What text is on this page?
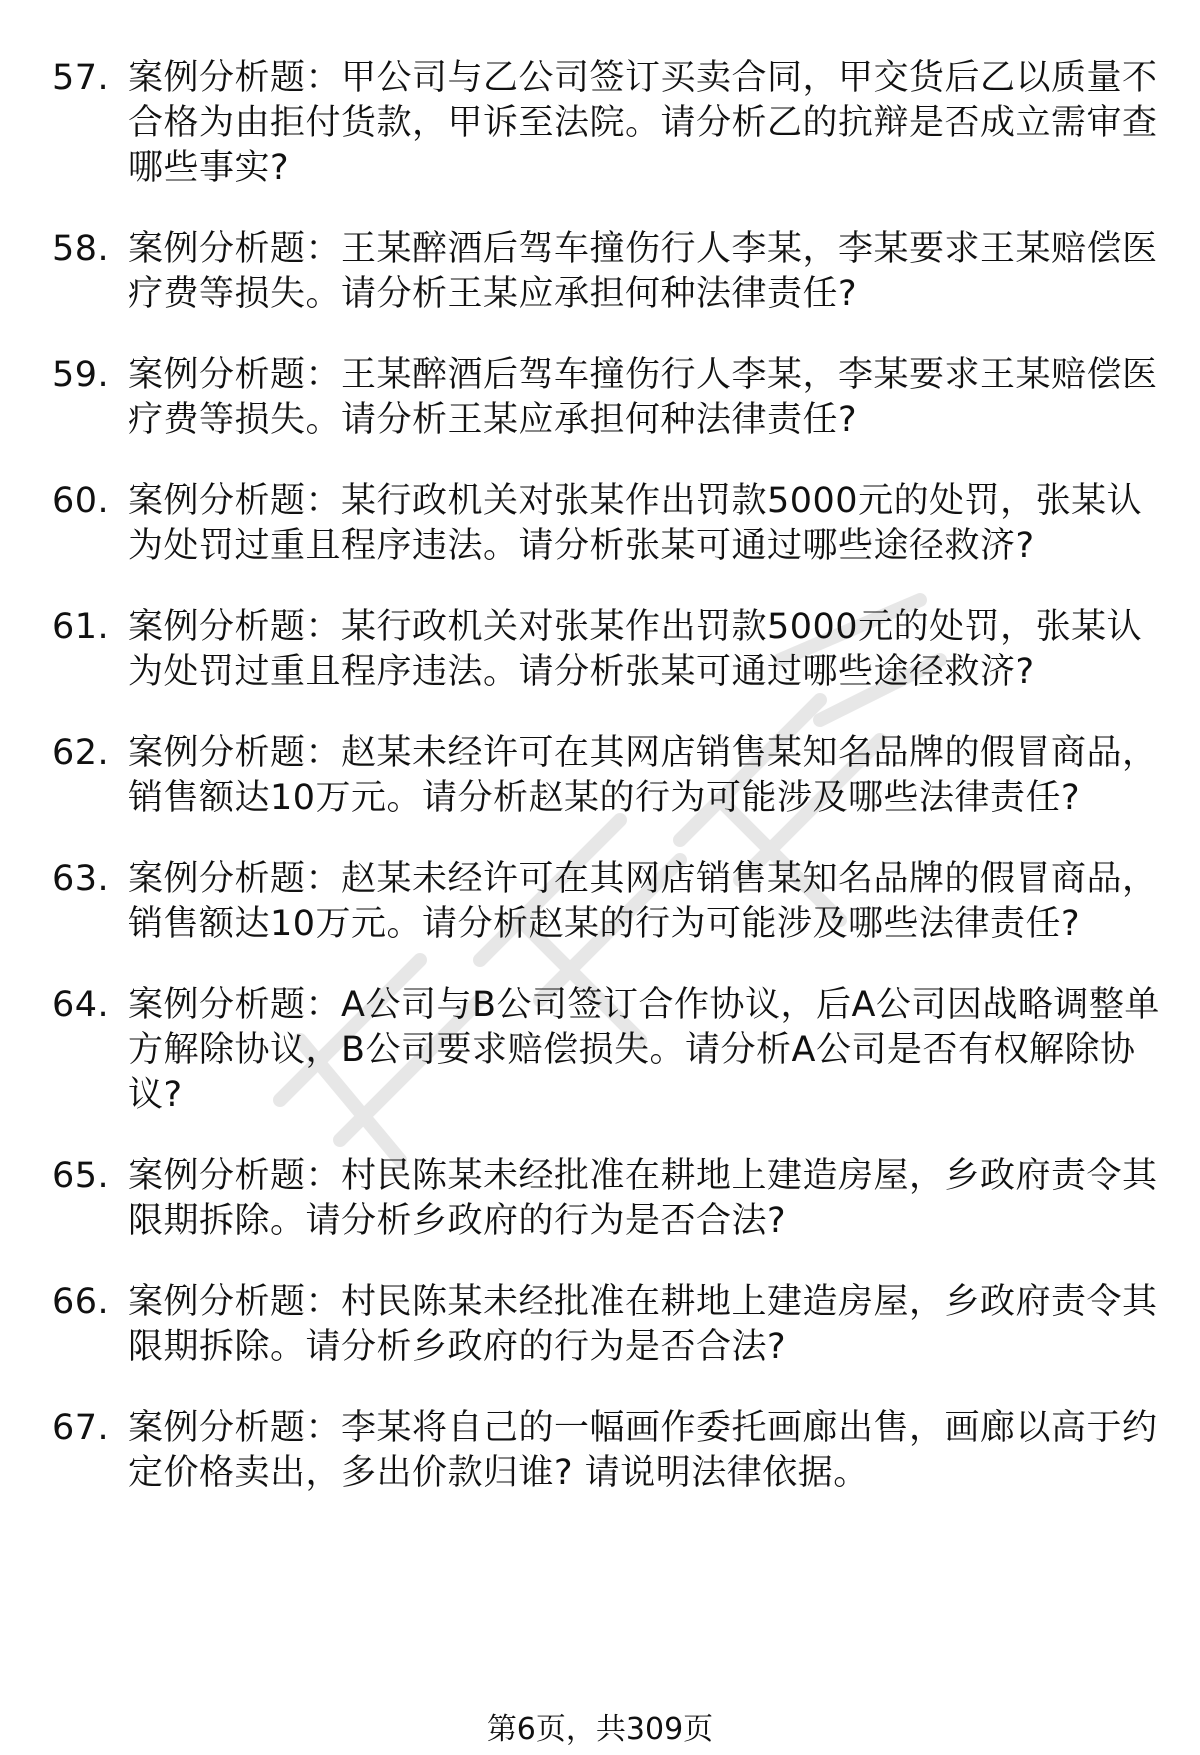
57. 案例分析题：甲公司与乙公司签订买卖合同，甲交货后乙以质量不合格为由拒付货款，甲诉至法院。请分析乙的抗辩是否成立需审查哪些事实?
58. 案例分析题：王某醉酒后驾车撞伤行人李某，李某要求王某赔偿医疗费等损失。请分析王某应承担何种法律责任?
59. 案例分析题：王某醉酒后驾车撞伤行人李某，李某要求王某赔偿医疗费等损失。请分析王某应承担何种法律责任?
60. 案例分析题：某行政机关对张某作出罚款5000元的处罚，张某认为处罚过重且程序违法。请分析张某可通过哪些途径救济?
61. 案例分析题：某行政机关对张某作出罚款5000元的处罚，张某认为处罚过重且程序违法。请分析张某可通过哪些途径救济?
62. 案例分析题：赵某未经许可在其网店销售某知名品牌的假冒商品，销售额达10万元。请分析赵某的行为可能涉及哪些法律责任?
63. 案例分析题：赵某未经许可在其网店销售某知名品牌的假冒商品，销售额达10万元。请分析赵某的行为可能涉及哪些法律责任?
64. 案例分析题：A公司与B公司签订合作协议，后A公司因战略调整单方解除协议，B公司要求赔偿损失。请分析A公司是否有权解除协议?
65. 案例分析题：村民陈某未经批准在耕地上建造房屋，乡政府责令其限期拆除。请分析乡政府的行为是否合法?
66. 案例分析题：村民陈某未经批准在耕地上建造房屋，乡政府责令其限期拆除。请分析乡政府的行为是否合法?
67. 案例分析题：李某将自己的一幅画作委托画廊出售，画廊以高于约定价格卖出，多出价款归谁? 请说明法律依据。
第6页，共309页
